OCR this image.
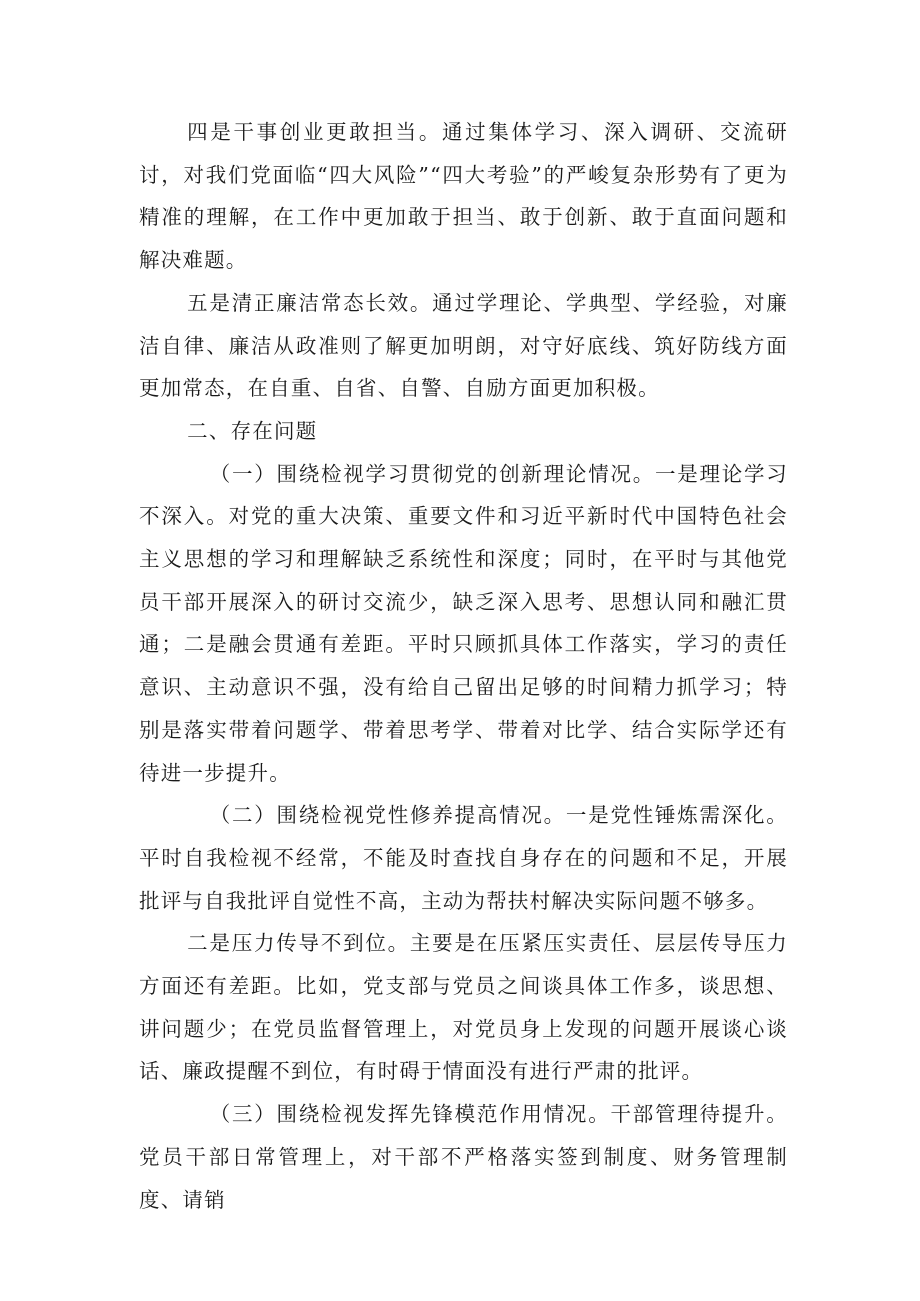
四是干事创业更敢担当。通过集体学习、深入调研、交流研讨，对我们党面临“四大风险”“四大考验”的严峻复杂形势有了更为精准的理解，在工作中更加敢于担当、敢于创新、敢于直面问题和解决难题。

五是清正廉洁常态长效。通过学理论、学典型、学经验，对廉洁自律、廉洁从政准则了解更加明朗，对守好底线、筑好防线方面更加常态，在自重、自省、自警、自励方面更加积极。

二、存在问题

（一）围绕检视学习贯彻党的创新理论情况。一是理论学习不深入。对党的重大决策、重要文件和习近平新时代中国特色社会主义思想的学习和理解缺乏系统性和深度；同时，在平时与其他党员干部开展深入的研讨交流少，缺乏深入思考、思想认同和融汇贯通；二是融会贯通有差距。平时只顾抓具体工作落实，学习的责任意识、主动意识不强，没有给自己留出足够的时间精力抓学习；特别是落实带着问题学、带着思考学、带着对比学、结合实际学还有待进一步提升。

（二）围绕检视党性修养提高情况。一是党性锤炼需深化。平时自我检视不经常，不能及时查找自身存在的问题和不足，开展批评与自我批评自觉性不高，主动为帮扶村解决实际问题不够多。

二是压力传导不到位。主要是在压紧压实责任、层层传导压力方面还有差距。比如，党支部与党员之间谈具体工作多，谈思想、讲问题少；在党员监督管理上，对党员身上发现的问题开展谈心谈话、廉政提醒不到位，有时碍于情面没有进行严肃的批评。

（三）围绕检视发挥先锋模范作用情况。干部管理待提升。党员干部日常管理上，对干部不严格落实签到制度、财务管理制度、请销
